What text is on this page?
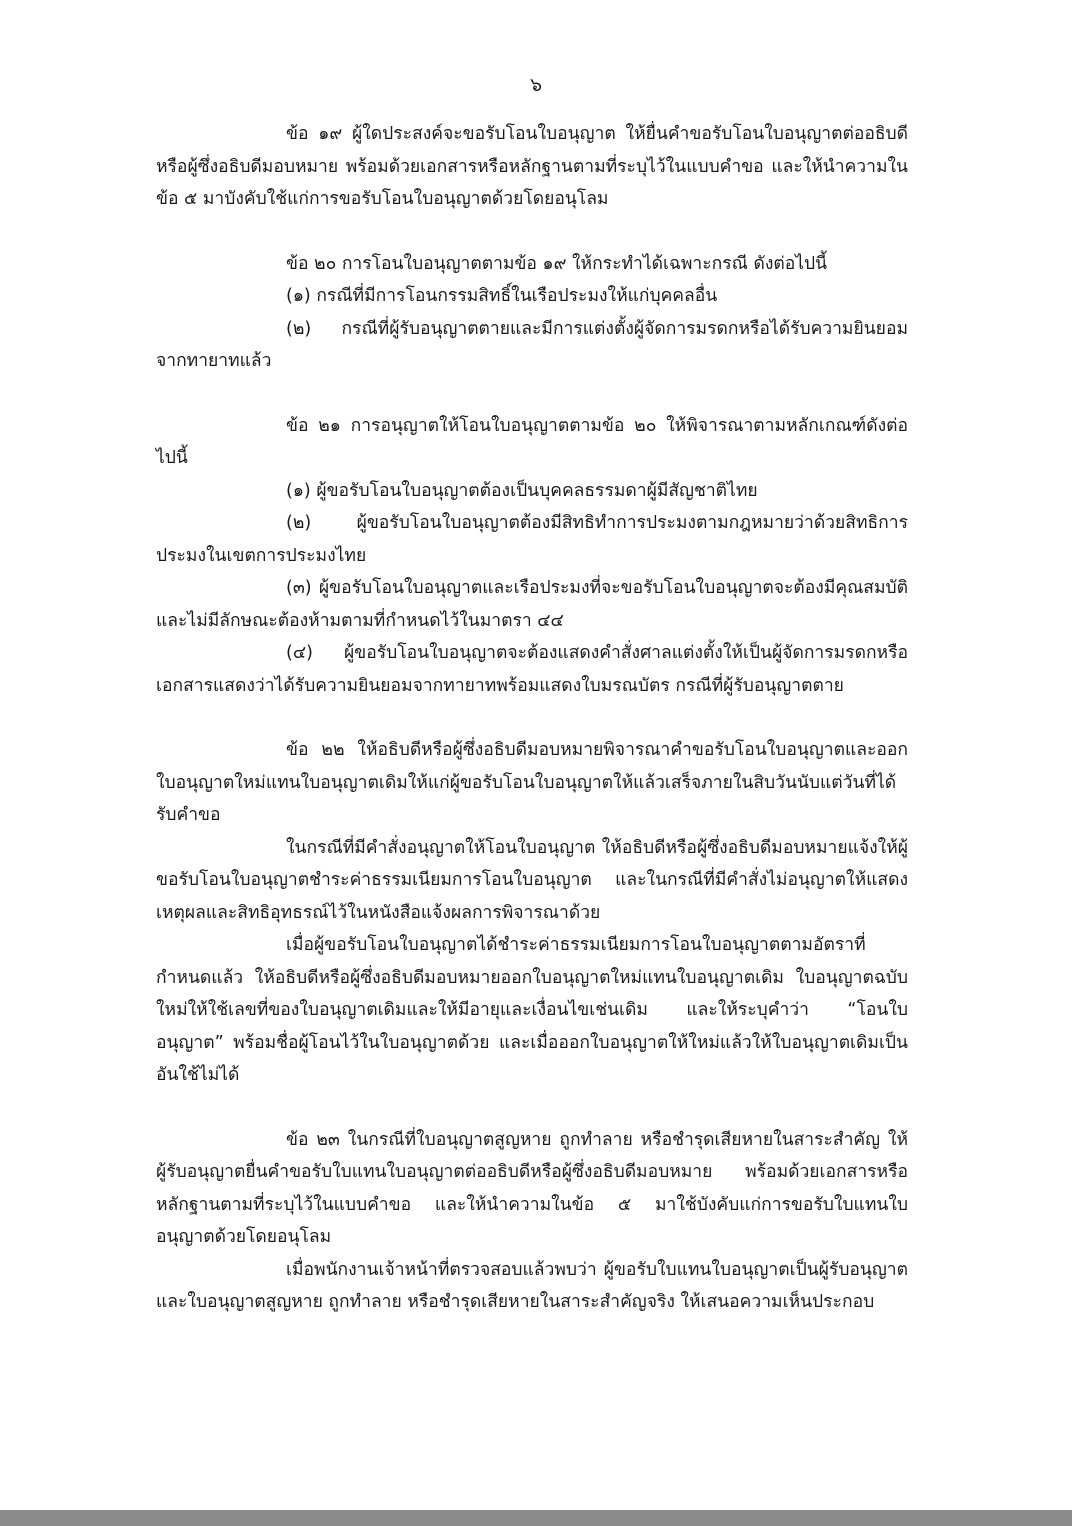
๖

ข้อ ๑๙ ผู้ใดประสงค์จะขอรับโอนใบอนุญาต ให้ยื่นคำขอรับโอนใบอนุญาตต่ออธิบดีหรือผู้ซึ่งอธิบดีมอบหมาย พร้อมด้วยเอกสารหรือหลักฐานตามที่ระบุไว้ในแบบคำขอ และให้นำความในข้อ ๕ มาบังคับใช้แก่การขอรับโอนใบอนุญาตด้วยโดยอนุโลม

ข้อ ๒๐ การโอนใบอนุญาตตามข้อ ๑๙ ให้กระทำได้เฉพาะกรณี ดังต่อไปนี้

(๑) กรณีที่มีการโอนกรรมสิทธิ์ในเรือประมงให้แก่บุคคลอื่น

(๒) กรณีที่ผู้รับอนุญาตตายและมีการแต่งตั้งผู้จัดการมรดกหรือได้รับความยินยอมจากทายาทแล้ว

ข้อ ๒๑ การอนุญาตให้โอนใบอนุญาตตามข้อ ๒๐ ให้พิจารณาตามหลักเกณฑ์ดังต่อไปนี้

(๑) ผู้ขอรับโอนใบอนุญาตต้องเป็นบุคคลธรรมดาผู้มีสัญชาติไทย

(๒) ผู้ขอรับโอนใบอนุญาตต้องมีสิทธิทำการประมงตามกฎหมายว่าด้วยสิทธิการประมงในเขตการประมงไทย

(๓) ผู้ขอรับโอนใบอนุญาตและเรือประมงที่จะขอรับโอนใบอนุญาตจะต้องมีคุณสมบัติและไม่มีลักษณะต้องห้ามตามที่กำหนดไว้ในมาตรา ๔๔

(๔) ผู้ขอรับโอนใบอนุญาตจะต้องแสดงคำสั่งศาลแต่งตั้งให้เป็นผู้จัดการมรดกหรือเอกสารแสดงว่าได้รับความยินยอมจากทายาทพร้อมแสดงใบมรณบัตร กรณีที่ผู้รับอนุญาตตาย

ข้อ ๒๒ ให้อธิบดีหรือผู้ซึ่งอธิบดีมอบหมายพิจารณาคำขอรับโอนใบอนุญาตและออกใบอนุญาตใหม่แทนใบอนุญาตเดิมให้แก่ผู้ขอรับโอนใบอนุญาตให้แล้วเสร็จภายในสิบวันนับแต่วันที่ได้รับคำขอ

ในกรณีที่มีคำสั่งอนุญาตให้โอนใบอนุญาต ให้อธิบดีหรือผู้ซึ่งอธิบดีมอบหมายแจ้งให้ผู้ขอรับโอนใบอนุญาตชำระค่าธรรมเนียมการโอนใบอนุญาต และในกรณีที่มีคำสั่งไม่อนุญาตให้แสดงเหตุผลและสิทธิอุทธรณ์ไว้ในหนังสือแจ้งผลการพิจารณาด้วย

เมื่อผู้ขอรับโอนใบอนุญาตได้ชำระค่าธรรมเนียมการโอนใบอนุญาตตามอัตราที่กำหนดแล้ว ให้อธิบดีหรือผู้ซึ่งอธิบดีมอบหมายออกใบอนุญาตใหม่แทนใบอนุญาตเดิม ใบอนุญาตฉบับใหม่ให้ใช้เลขที่ของใบอนุญาตเดิมและให้มีอายุและเงื่อนไขเช่นเดิม และให้ระบุคำว่า “โอนใบอนุญาต” พร้อมชื่อผู้โอนไว้ในใบอนุญาตด้วย และเมื่อออกใบอนุญาตให้ใหม่แล้วให้ใบอนุญาตเดิมเป็นอันใช้ไม่ได้

ข้อ ๒๓ ในกรณีที่ใบอนุญาตสูญหาย ถูกทำลาย หรือชำรุดเสียหายในสาระสำคัญ ให้ผู้รับอนุญาตยื่นคำขอรับใบแทนใบอนุญาตต่ออธิบดีหรือผู้ซึ่งอธิบดีมอบหมาย พร้อมด้วยเอกสารหรือหลักฐานตามที่ระบุไว้ในแบบคำขอ และให้นำความในข้อ ๕ มาใช้บังคับแก่การขอรับใบแทนใบอนุญาตด้วยโดยอนุโลม

เมื่อพนักงานเจ้าหน้าที่ตรวจสอบแล้วพบว่า ผู้ขอรับใบแทนใบอนุญาตเป็นผู้รับอนุญาตและใบอนุญาตสูญหาย ถูกทำลาย หรือชำรุดเสียหายในสาระสำคัญจริง ให้เสนอความเห็นประกอบ
